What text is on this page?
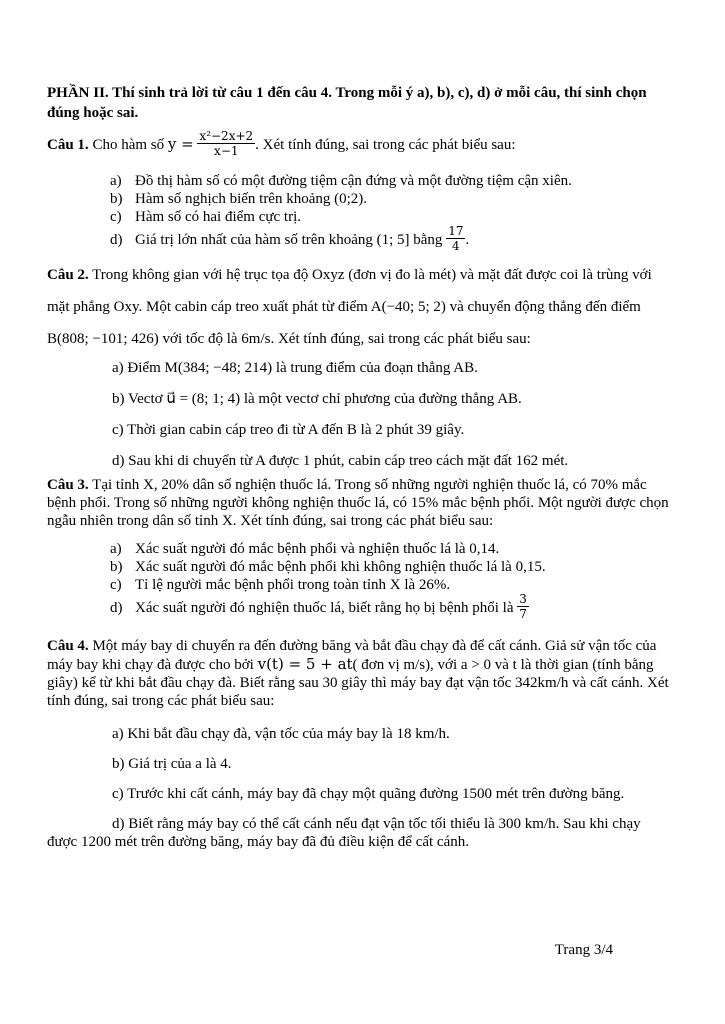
PHẦN II. Thí sinh trả lời từ câu 1 đến câu 4. Trong mỗi ý a), b), c), d) ở mỗi câu, thí sinh chọn đúng hoặc sai.

Câu 1. Cho hàm số $y = \frac{\text{x²−2x+2}}{x-1}$ . Xét tính đúng, sai trong các phát biểu sau:

a) Đồ thị hàm số có một đường tiệm cận đứng và một đường tiệm cận xiên.

b) Hàm số nghịch biến trên khoảng (0;2).

c) Hàm số có hai điểm cực trị.

d) Giá trị lớn nhất của hàm số trên khoảng (1; 5] bằng $\frac{17}{4}$ .

Câu 2. Trong không gian với hệ trục tọa độ Oxyz (đơn vị đo là mét) và mặt đất được coi là trùng với mặt phẳng Oxy. Một cabin cáp treo xuất phát từ điểm A(−40; 5; 2) và chuyển động thẳng đến điểm B(808; −101; 426) với tốc độ là 6m/s. Xét tính đúng, sai trong các phát biểu sau:

a) Điểm M(384; −48; 214) là trung điểm của đoạn thẳng AB.

b) Vectơ u⃗ = (8; 1; 4) là một vectơ chỉ phương của đường thẳng AB.

c) Thời gian cabin cáp treo đi từ A đến B là 2 phút 39 giây.

d) Sau khi di chuyển từ A được 1 phút, cabin cáp treo cách mặt đất 162 mét.

Câu 3. Tại tỉnh X, 20% dân số nghiện thuốc lá. Trong số những người nghiện thuốc lá, có 70% mắc bệnh phổi. Trong số những người không nghiện thuốc lá, có 15% mắc bệnh phổi. Một người được chọn ngẫu nhiên trong dân số tỉnh X. Xét tính đúng, sai trong các phát biểu sau:

a) Xác suất người đó mắc bệnh phổi và nghiện thuốc lá là 0,14.

b) Xác suất người đó mắc bệnh phổi khi không nghiện thuốc lá là 0,15.

c) Tỉ lệ người mắc bệnh phổi trong toàn tỉnh X là 26%.

d) Xác suất người đó nghiện thuốc lá, biết rằng họ bị bệnh phổi là $\frac{3}{7}$

Câu 4. Một máy bay di chuyển ra đến đường băng và bắt đầu chạy đà để cất cánh. Giả sử vận tốc của máy bay khi chạy đà được cho bởi v(t) = 5 + at( đơn vị m/s), với a > 0 và t là thời gian (tính bằng giây) kể từ khi bắt đầu chạy đà. Biết rằng sau 30 giây thì máy bay đạt vận tốc 342km/h và cất cánh. Xét tính đúng, sai trong các phát biểu sau:

a) Khi bắt đầu chạy đà, vận tốc của máy bay là 18 km/h.

b) Giá trị của a là 4.

c) Trước khi cất cánh, máy bay đã chạy một quãng đường 1500 mét trên đường băng.

d) Biết rằng máy bay có thể cất cánh nếu đạt vận tốc tối thiểu là 300 km/h. Sau khi chạy được 1200 mét trên đường băng, máy bay đã đủ điều kiện để cất cánh.

Trang 3/4
